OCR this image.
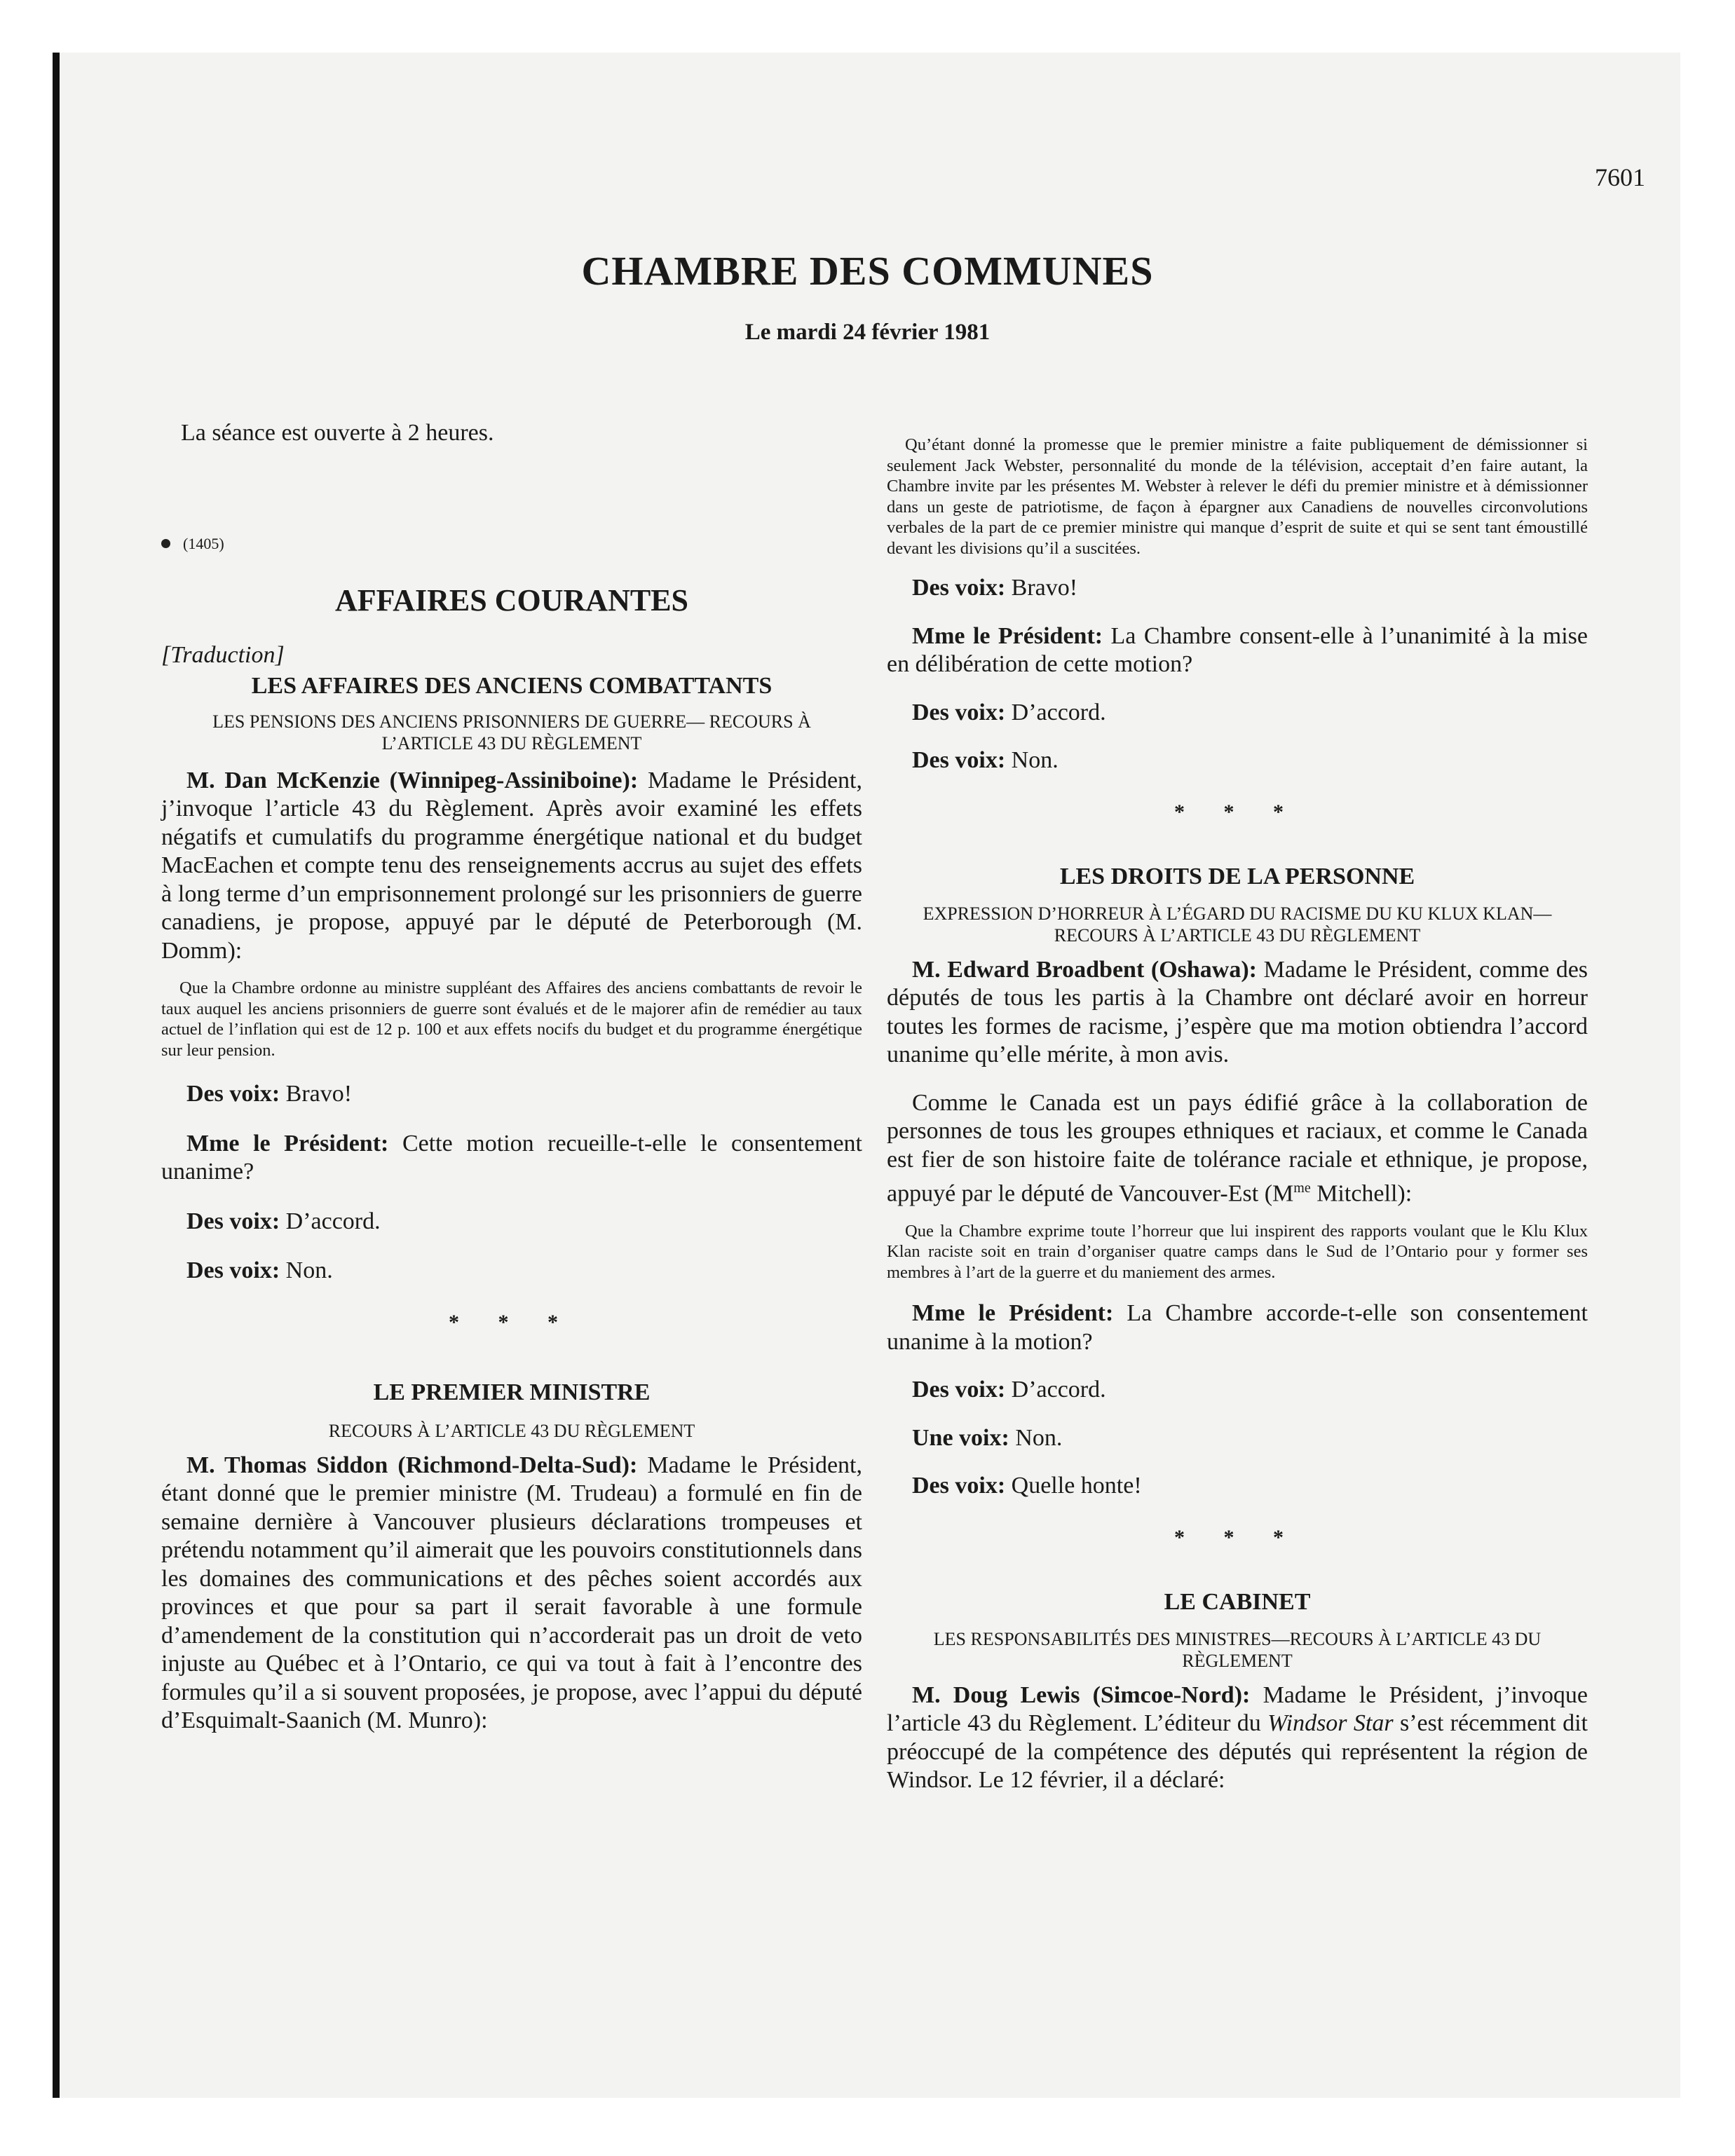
7601
CHAMBRE DES COMMUNES
Le mardi 24 février 1981

La séance est ouverte à 2 heures.

(1405)
AFFAIRES COURANTES
[Traduction]
LES AFFAIRES DES ANCIENS COMBATTANTS
LES PENSIONS DES ANCIENS PRISONNIERS DE GUERRE— RECOURS À L’ARTICLE 43 DU RÈGLEMENT

M. Dan McKenzie (Winnipeg-Assiniboine): Madame le Président, j’invoque l’article 43 du Règlement. Après avoir examiné les effets négatifs et cumulatifs du programme énergétique national et du budget MacEachen et compte tenu des renseignements accrus au sujet des effets à long terme d’un emprisonnement prolongé sur les prisonniers de guerre canadiens, je propose, appuyé par le député de Peterborough (M. Domm):

Que la Chambre ordonne au ministre suppléant des Affaires des anciens combattants de revoir le taux auquel les anciens prisonniers de guerre sont évalués et de le majorer afin de remédier au taux actuel de l’inflation qui est de 12 p. 100 et aux effets nocifs du budget et du programme énergétique sur leur pension.

Des voix: Bravo!

Mme le Président: Cette motion recueille-t-elle le consentement unanime?

Des voix: D’accord.

Des voix: Non.

* * *
LE PREMIER MINISTRE
RECOURS À L’ARTICLE 43 DU RÈGLEMENT

M. Thomas Siddon (Richmond-Delta-Sud): Madame le Président, étant donné que le premier ministre (M. Trudeau) a formulé en fin de semaine dernière à Vancouver plusieurs déclarations trompeuses et prétendu notamment qu’il aimerait que les pouvoirs constitutionnels dans les domaines des communications et des pêches soient accordés aux provinces et que pour sa part il serait favorable à une formule d’amendement de la constitution qui n’accorderait pas un droit de veto injuste au Québec et à l’Ontario, ce qui va tout à fait à l’encontre des formules qu’il a si souvent proposées, je propose, avec l’appui du député d’Esquimalt-Saanich (M. Munro):

Qu’étant donné la promesse que le premier ministre a faite publiquement de démissionner si seulement Jack Webster, personnalité du monde de la télévision, acceptait d’en faire autant, la Chambre invite par les présentes M. Webster à relever le défi du premier ministre et à démissionner dans un geste de patriotisme, de façon à épargner aux Canadiens de nouvelles circonvolutions verbales de la part de ce premier ministre qui manque d’esprit de suite et qui se sent tant émoustillé devant les divisions qu’il a suscitées.

Des voix: Bravo!

Mme le Président: La Chambre consent-elle à l’unanimité à la mise en délibération de cette motion?

Des voix: D’accord.

Des voix: Non.

* * *
LES DROITS DE LA PERSONNE
EXPRESSION D’HORREUR À L’ÉGARD DU RACISME DU KU KLUX KLAN—RECOURS À L’ARTICLE 43 DU RÈGLEMENT

M. Edward Broadbent (Oshawa): Madame le Président, comme des députés de tous les partis à la Chambre ont déclaré avoir en horreur toutes les formes de racisme, j’espère que ma motion obtiendra l’accord unanime qu’elle mérite, à mon avis.

Comme le Canada est un pays édifié grâce à la collaboration de personnes de tous les groupes ethniques et raciaux, et comme le Canada est fier de son histoire faite de tolérance raciale et ethnique, je propose, appuyé par le député de Vancouver-Est ($M^{me}$ Mitchell):

Que la Chambre exprime toute l’horreur que lui inspirent des rapports voulant que le Klu Klux Klan raciste soit en train d’organiser quatre camps dans le Sud de l’Ontario pour y former ses membres à l’art de la guerre et du maniement des armes.

Mme le Président: La Chambre accorde-t-elle son consentement unanime à la motion?

Des voix: D’accord.

Une voix: Non.

Des voix: Quelle honte!

* * *
LE CABINET
LES RESPONSABILITÉS DES MINISTRES—RECOURS À L’ARTICLE 43 DU RÈGLEMENT

M. Doug Lewis (Simcoe-Nord): Madame le Président, j’invoque l’article 43 du Règlement. L’éditeur du Windsor Star s’est récemment dit préoccupé de la compétence des députés qui représentent la région de Windsor. Le 12 février, il a déclaré:
